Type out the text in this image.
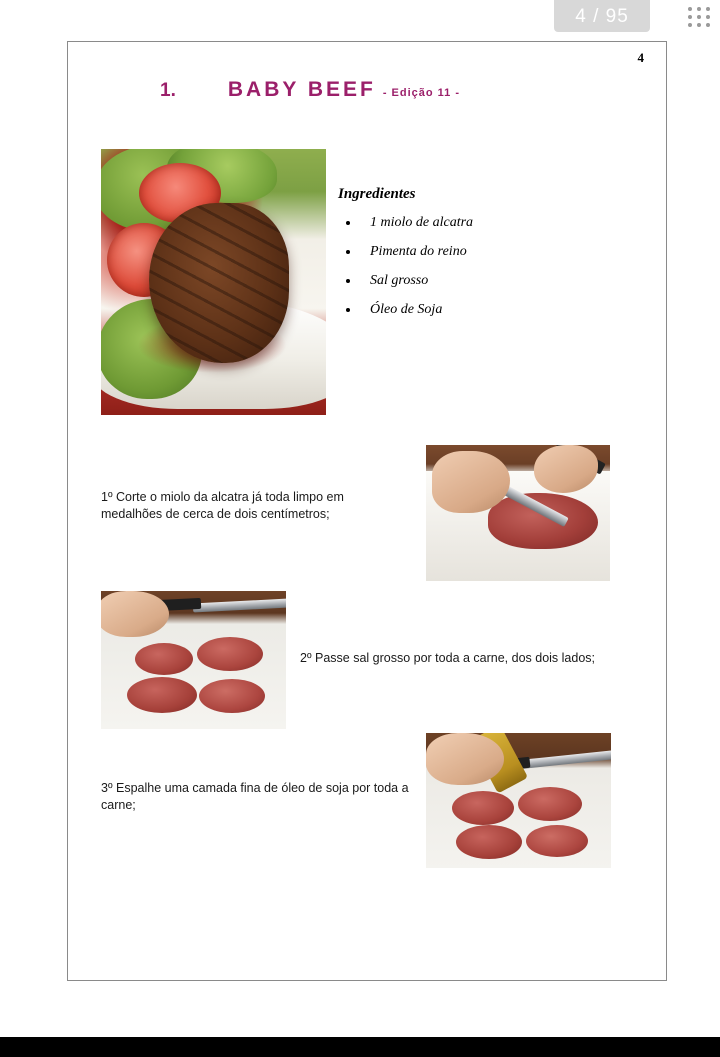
4 / 95
4
1. BABY BEEF - Edição 11 -
Ingredientes
• 1 miolo de alcatra
• Pimenta do reino
• Sal grosso
• Óleo de Soja
1º Corte o miolo da alcatra já toda limpo em medalhões de cerca de dois centímetros;
2º Passe sal grosso por toda a carne, dos dois lados;
3º Espalhe uma camada fina de óleo de soja por toda a carne;
